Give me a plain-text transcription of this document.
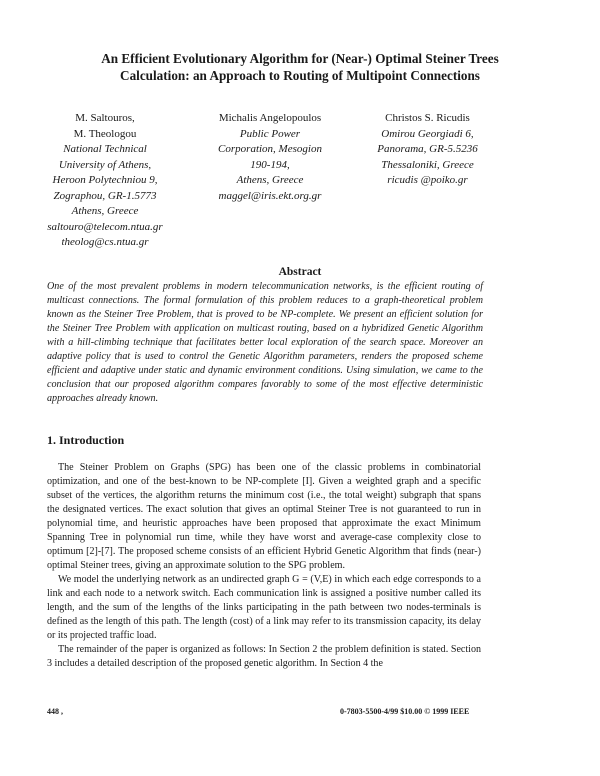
An Efficient Evolutionary Algorithm for (Near-) Optimal Steiner Trees
Calculation: an Approach to Routing of Multipoint Connections
M. Saltouros,
M. Theologou
National Technical
University of Athens,
Heroon Polytechniou 9,
Zographou, GR-1.5773
Athens, Greece
saltouro@telecom.ntua.gr
theolog@cs.ntua.gr
Michalis Angelopoulos
Public Power
Corporation, Mesogion
190-194,
Athens, Greece
maggel@iris.ekt.org.gr
Christos S. Ricudis
Omirou Georgiadi 6,
Panorama, GR-5.5236
Thessaloniki, Greece
ricudis @poiko.gr
Abstract
One of the most prevalent problems in modern telecommunication networks, is the efficient routing of multicast connections. The formal formulation of this problem reduces to a graph-theoretical problem known as the Steiner Tree Problem, that is proved to be NP-complete. We present an efficient solution for the Steiner Tree Problem with application on multicast routing, based on a hybridized Genetic Algorithm with a hill-climbing technique that facilitates better local exploration of the search space. Moreover an adaptive policy that is used to control the Genetic Algorithm parameters, renders the proposed scheme efficient and adaptive under static and dynamic environment conditions. Using simulation, we came to the conclusion that our proposed algorithm compares favorably to some of the most effective deterministic approaches already known.
1. Introduction

The Steiner Problem on Graphs (SPG) has been one of the classic problems in combinatorial optimization, and one of the best-known to be NP-complete [I]. Given a weighted graph and a specific subset of the vertices, the algorithm returns the minimum cost (i.e., the total weight) subgraph that spans the designated vertices. The exact solution that gives an optimal Steiner Tree is not guaranteed to run in polynomial time, and heuristic approaches have been proposed that approximate the exact Minimum Spanning Tree in polynomial run time, while they have worst and average-case complexity close to optimum [2]-[7]. The proposed scheme consists of an efficient Hybrid Genetic Algorithm that finds (near-) optimal Steiner trees, giving an approximate solution to the SPG problem.

We model the underlying network as an undirected graph G = (V,E) in which each edge corresponds to a link and each node to a network switch. Each communication link is assigned a positive number called its length, and the sum of the lengths of the links participating in the path between two nodes-terminals is defined as the length of this path. The length (cost) of a link may refer to its transmission capacity, its delay or its projected traffic load.

The remainder of the paper is organized as follows: In Section 2 the problem definition is stated. Section 3 includes a detailed description of the proposed genetic algorithm. In Section 4 the

448 ,	0-7803-5500-4/99 $10.00 © 1999 IEEE
